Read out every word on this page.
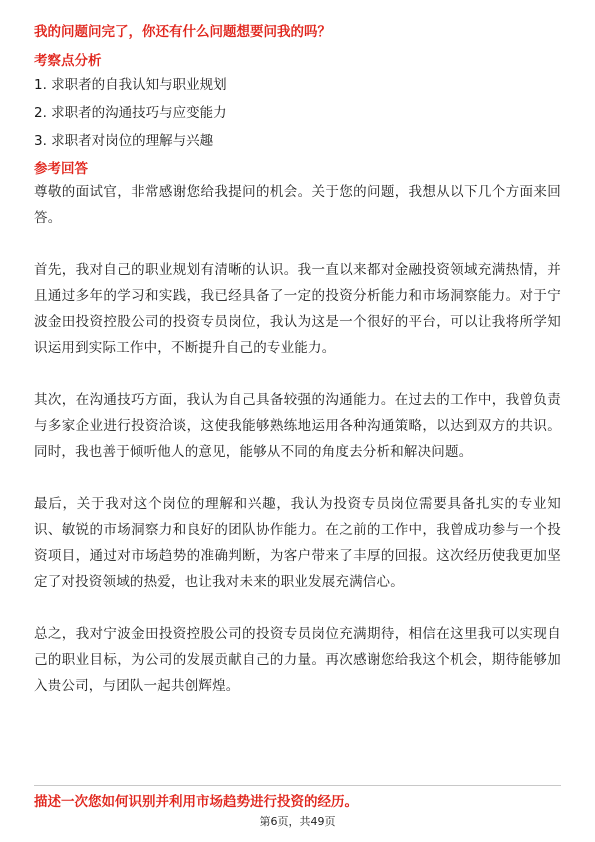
我的问题问完了，你还有什么问题想要问我的吗？
考察点分析
1. 求职者的自我认知与职业规划
2. 求职者的沟通技巧与应变能力
3. 求职者对岗位的理解与兴趣
参考回答

尊敬的面试官，非常感谢您给我提问的机会。关于您的问题，我想从以下几个方面来回答。

首先，我对自己的职业规划有清晰的认识。我一直以来都对金融投资领域充满热情，并且通过多年的学习和实践，我已经具备了一定的投资分析能力和市场洞察能力。对于宁波金田投资控股公司的投资专员岗位，我认为这是一个很好的平台，可以让我将所学知识运用到实际工作中，不断提升自己的专业能力。

其次，在沟通技巧方面，我认为自己具备较强的沟通能力。在过去的工作中，我曾负责与多家企业进行投资洽谈，这使我能够熟练地运用各种沟通策略，以达到双方的共识。同时，我也善于倾听他人的意见，能够从不同的角度去分析和解决问题。

最后，关于我对这个岗位的理解和兴趣，我认为投资专员岗位需要具备扎实的专业知识、敏锐的市场洞察力和良好的团队协作能力。在之前的工作中，我曾成功参与一个投资项目，通过对市场趋势的准确判断，为客户带来了丰厚的回报。这次经历使我更加坚定了对投资领域的热爱，也让我对未来的职业发展充满信心。

总之，我对宁波金田投资控股公司的投资专员岗位充满期待，相信在这里我可以实现自己的职业目标，为公司的发展贡献自己的力量。再次感谢您给我这个机会，期待能够加入贵公司，与团队一起共创辉煌。

描述一次您如何识别并利用市场趋势进行投资的经历。
第6页，共49页
